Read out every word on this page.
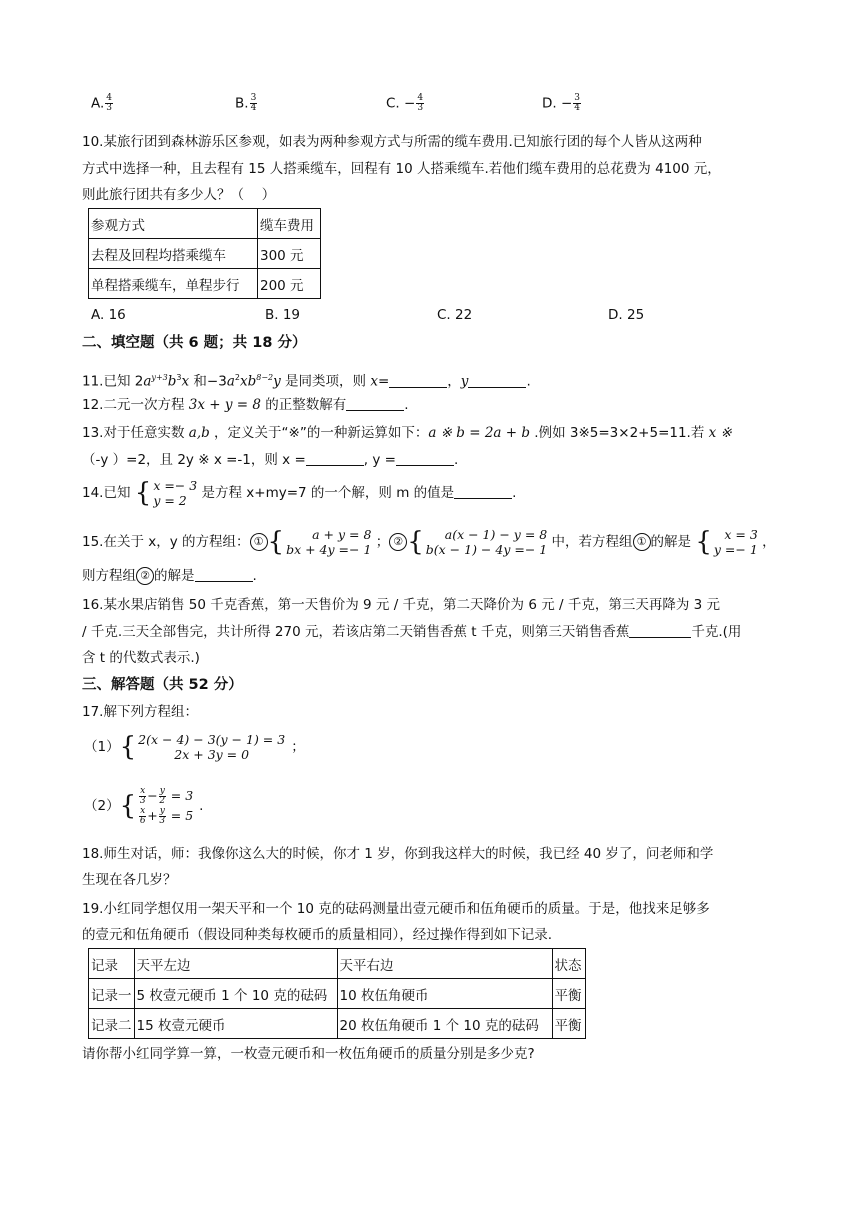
A. $\frac{4}{3}$	B. $\frac{3}{4}$	C. − $\frac{4}{3}$	D. − $\frac{3}{4}$
10.某旅行团到森林游乐区参观，如表为两种参观方式与所需的缆车费用.已知旅行团的每个人皆从这两种
方式中选择一种，且去程有 15 人搭乘缆车，回程有 10 人搭乘缆车.若他们缆车费用的总花费为 4100 元，
则此旅行团共有多少人？（　 ）
参观方式	缆车费用
去程及回程均搭乘缆车	300 元
单程搭乘缆车，单程步行	200 元
A. 16	B. 19	C. 22	D. 25
二、填空题（共 6 题；共 18 分）
11.已知 $2a^{y+3}b^3x$ 和$-3a^2xb^{8-2}y$ 是同类项，则 x=	，y	.
12.二元一次方程 3x + y = 8 的正整数解有	.
13.对于任意实数 a,b ，定义关于“※”的一种新运算如下：a ※ b = 2a + b .例如 3※5=3×2+5=11.若 x ※
（-y ）=2，且 2y ※ x =-1，则 x =	, y =	.
14.已知 { x =− 3
y = 2 是方程 x+my=7 的一个解，则 m 的值是	.
15.在关于 x，y 的方程组： ① { a + y = 8
bx + 4y =− 1 ； ② { a(x − 1) − y = 8
b(x − 1) − 4y =− 1 中，若方程组 ① 的解是 { x = 3
y =− 1 ，
则方程组 ② 的解是	.
16.某水果店销售 50 千克香蕉，第一天售价为 9 元 / 千克，第二天降价为 6 元 / 千克，第三天再降为 3 元
/ 千克.三天全部售完，共计所得 270 元，若该店第二天销售香蕉 t 千克，则第三天销售香蕉	千克.(用
含 t 的代数式表示.)
三、解答题（共 52 分）
17.解下列方程组：
（1） { 2(x − 4) − 3(y − 1) = 3
2x + 3y = 0	；
（2） { $\frac{x}{3} - \frac{y}{2} = 3$
$\frac{x}{6} + \frac{y}{3} = 5$
.
18.师生对话，师：我像你这么大的时候，你才 1 岁，你到我这样大的时候，我已经 40 岁了，问老师和学
生现在各几岁？
19.小红同学想仅用一架天平和一个 10 克的砝码测量出壹元硬币和伍角硬币的质量。于是，他找来足够多
的壹元和伍角硬币（假设同种类每枚硬币的质量相同），经过操作得到如下记录.
记录	天平左边	天平右边	状态
记录一	5 枚壹元硬币 1 个 10 克的砝码	10 枚伍角硬币	平衡
记录二	15 枚壹元硬币	20 枚伍角硬币 1 个 10 克的砝码	平衡
请你帮小红同学算一算，一枚壹元硬币和一枚伍角硬币的质量分别是多少克?
